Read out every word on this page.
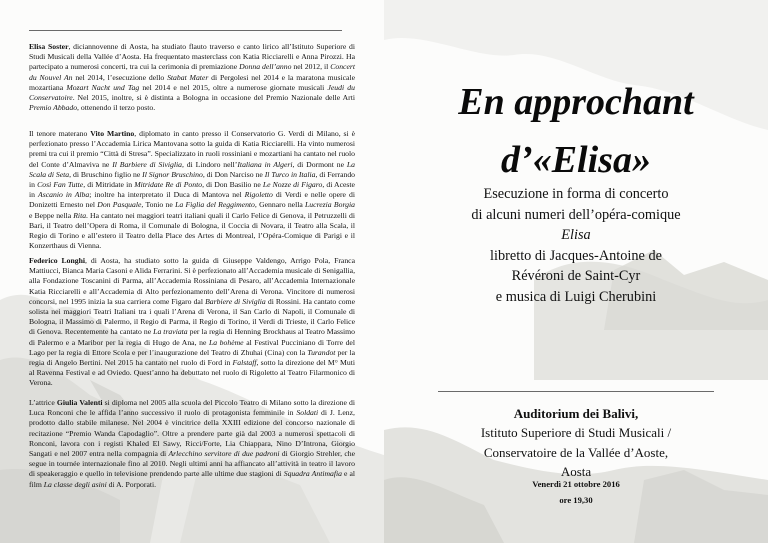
Elisa Soster, diciannovenne di Aosta, ha studiato flauto traverso e canto lirico all’Istituto Superiore di Studi Musicali della Vallée d’Aosta. Ha frequentato masterclass con Katia Ricciarelli e Anna Pirozzi. Ha partecipato a numerosi concerti, tra cui la cerimonia di premiazione Donna dell’anno nel 2012, il Concert du Nouvel An nel 2014, l’esecuzione dello Stabat Mater di Pergolesi nel 2014 e la maratona musicale mozartiana Mozart Nacht und Tag nel 2014 e nel 2015, oltre a numerose giornate musicali Jeudi du Conservatoire. Nel 2015, inoltre, si è distinta a Bologna in occasione del Premio Nazionale delle Arti Premio Abbado, ottenendo il terzo posto.

Il tenore materano Vito Martino, diplomato in canto presso il Conservatorio G. Verdi di Milano, si è perfezionato presso l’Accademia Lirica Mantovana sotto la guida di Katia Ricciarelli. Ha vinto numerosi premi tra cui il premio “Città di Stresa”. Specializzato in ruoli rossiniani e mozartiani ha cantato nel ruolo del Conte d’Almaviva ne Il Barbiere di Siviglia, di Lindoro nell’Italiana in Algeri, di Dormont ne La Scala di Seta, di Bruschino figlio ne Il Signor Bruschino, di Don Narciso ne Il Turco in Italia, di Ferrando in Così Fan Tutte, di Mitridate in Mitridate Re di Ponto, di Don Basilio ne Le Nozze di Figaro, di Aceste in Ascanio in Alba; inoltre ha interpretato il Duca di Mantova nel Rigoletto di Verdi e nelle opere di Donizetti Ernesto nel Don Pasquale, Tonio ne La Figlia del Reggimento, Gennaro nella Lucrezia Borgia e Beppe nella Rita. Ha cantato nei maggiori teatri italiani quali il Carlo Felice di Genova, il Petruzzelli di Bari, il Teatro dell’Opera di Roma, il Comunale di Bologna, il Coccia di Novara, il Teatro alla Scala, il Regio di Torino e all’estero il Teatro della Place des Artes di Montreal, l’Opéra-Comique di Parigi e il Konzerthaus di Vienna.

Federico Longhi, di Aosta, ha studiato sotto la guida di Giuseppe Valdengo, Arrigo Pola, Franca Mattiucci, Bianca Maria Casoni e Alida Ferrarini. Si è perfezionato all’Accademia musicale di Senigallia, alla Fondazione Toscanini di Parma, all’Accademia Rossiniana di Pesaro, all’Accademia Internazionale Katia Ricciarelli e all’Accademia di Alto perfezionamento dell’Arena di Verona. Vincitore di numerosi concorsi, nel 1995 inizia la sua carriera come Figaro dal Barbiere di Siviglia di Rossini. Ha cantato come solista nei maggiori Teatri Italiani tra i quali l’Arena di Verona, il San Carlo di Napoli, il Comunale di Bologna, il Massimo di Palermo, il Regio di Parma, il Regio di Torino, il Verdi di Trieste, il Carlo Felice di Genova. Recentemente ha cantato ne La traviata per la regia di Henning Brockhaus al Teatro Massimo di Palermo e a Maribor per la regia di Hugo de Ana, ne La bohème al Festival Pucciniano di Torre del Lago per la regia di Ettore Scola e per l’inaugurazione del Teatro di Zhuhai (Cina) con la Turandot per la regia di Angelo Bertini. Nel 2015 ha cantato nel ruolo di Ford in Falstaff, sotto la direzione del M° Muti al Ravenna Festival e ad Oviedo. Quest’anno ha debuttato nel ruolo di Rigoletto al Teatro Filarmonico di Verona.

L’attrice Giulia Valenti si diploma nel 2005 alla scuola del Piccolo Teatro di Milano sotto la direzione di Luca Ronconi che le affida l’anno successivo il ruolo di protagonista femminile in Soldati di J. Lenz, prodotto dallo stabile milanese. Nel 2004 è vincitrice della XXIII edizione del concorso nazionale di recitazione “Premio Wanda Capodaglio”. Oltre a prendere parte già dal 2003 a numerosi spettacoli di Ronconi, lavora con i registi Khaled El Sawy, Ricci/Forte, Lia Chiappara, Nino D’Introna, Giorgio Sangati e nel 2007 entra nella compagnia di Arlecchino servitore di due padroni di Giorgio Strehler, che segue in tournée internazionale fino al 2010. Negli ultimi anni ha affiancato all’attività in teatro il lavoro di speakeraggio e quello in televisione prendendo parte alle ultime due stagioni di Squadra Antimafia e al film La classe degli asini di A. Porporati.

En approchant
d’«Elisa»
Esecuzione in forma di concerto
di alcuni numeri dell’opéra-comique
Elisa
libretto di Jacques-Antoine de
Révéroni de Saint-Cyr
e musica di Luigi Cherubini
Auditorium dei Balivi,
Istituto Superiore di Studi Musicali /
Conservatoire de la Vallée d’Aoste,
Aosta
Venerdì 21 ottobre 2016
ore 19,30
